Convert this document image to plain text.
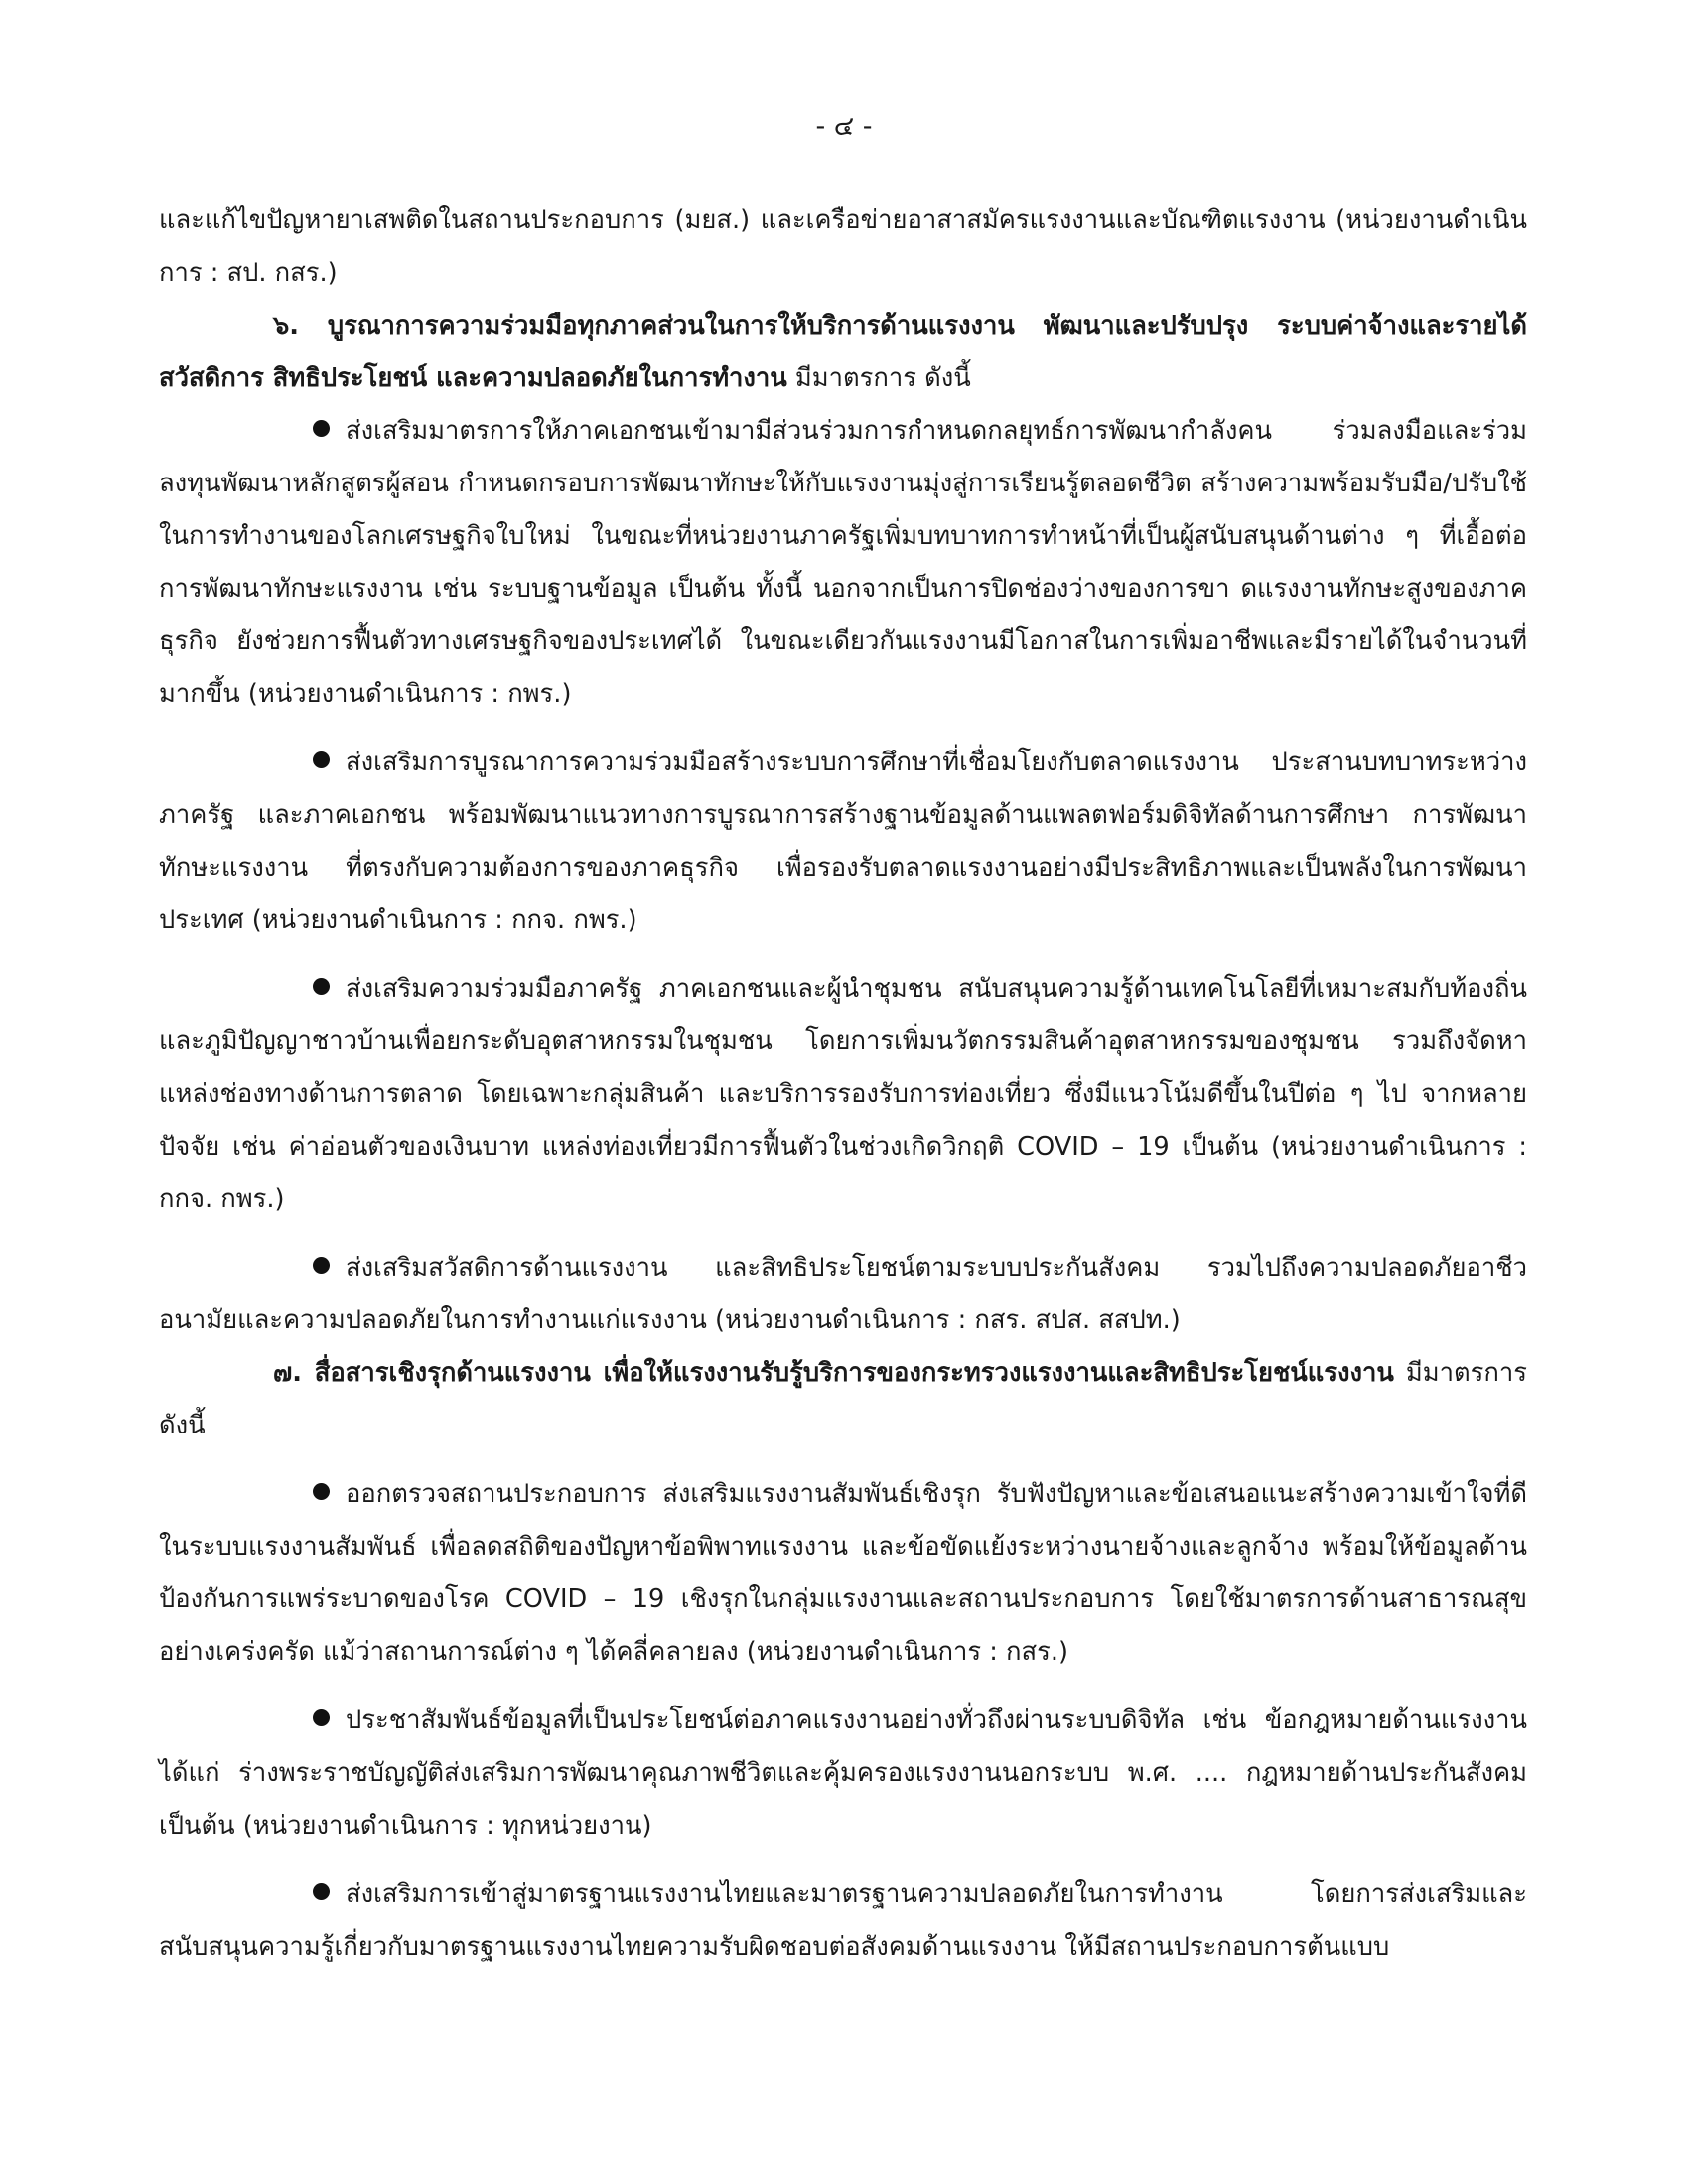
- ๔ -

และแก้ไขปัญหายาเสพติดในสถานประกอบการ (มยส.) และเครือข่ายอาสาสมัครแรงงานและบัณฑิตแรงงาน (หน่วยงานดำเนินการ : สป. กสร.)

๖. บูรณาการความร่วมมือทุกภาคส่วนในการให้บริการด้านแรงงาน พัฒนาและปรับปรุง ระบบค่าจ้างและรายได้ สวัสดิการ สิทธิประโยชน์ และความปลอดภัยในการทำงาน มีมาตรการ ดังนี้

ส่งเสริมมาตรการให้ภาคเอกชนเข้ามามีส่วนร่วมการกำหนดกลยุทธ์การพัฒนากำลังคน ร่วมลงมือและร่วมลงทุนพัฒนาหลักสูตรผู้สอน กำหนดกรอบการพัฒนาทักษะให้กับแรงงานมุ่งสู่การเรียนรู้ตลอดชีวิต สร้างความพร้อมรับมือ/ปรับใช้ในการทำงานของโลกเศรษฐกิจใบใหม่ ในขณะที่หน่วยงานภาครัฐเพิ่มบทบาทการทำหน้าที่เป็นผู้สนับสนุนด้านต่าง ๆ ที่เอื้อต่อการพัฒนาทักษะแรงงาน เช่น ระบบฐานข้อมูล เป็นต้น ทั้งนี้ นอกจากเป็นการปิดช่องว่างของการขา ดแรงงานทักษะสูงของภาคธุรกิจ ยังช่วยการฟื้นตัวทางเศรษฐกิจของประเทศได้ ในขณะเดียวกันแรงงานมีโอกาสในการเพิ่มอาชีพและมีรายได้ในจำนวนที่มากขึ้น (หน่วยงานดำเนินการ : กพร.)

ส่งเสริมการบูรณาการความร่วมมือสร้างระบบการศึกษาที่เชื่อมโยงกับตลาดแรงงาน ประสานบทบาทระหว่างภาครัฐ และภาคเอกชน พร้อมพัฒนาแนวทางการบูรณาการสร้างฐานข้อมูลด้านแพลตฟอร์มดิจิทัลด้านการศึกษา การพัฒนาทักษะแรงงาน ที่ตรงกับความต้องการของภาคธุรกิจ เพื่อรองรับตลาดแรงงานอย่างมีประสิทธิภาพและเป็นพลังในการพัฒนาประเทศ (หน่วยงานดำเนินการ : กกจ. กพร.)

ส่งเสริมความร่วมมือภาครัฐ ภาคเอกชนและผู้นำชุมชน สนับสนุนความรู้ด้านเทคโนโลยีที่เหมาะสมกับท้องถิ่นและภูมิปัญญาชาวบ้านเพื่อยกระดับอุตสาหกรรมในชุมชน โดยการเพิ่มนวัตกรรมสินค้าอุตสาหกรรมของชุมชน รวมถึงจัดหาแหล่งช่องทางด้านการตลาด โดยเฉพาะกลุ่มสินค้า และบริการรองรับการท่องเที่ยว ซึ่งมีแนวโน้มดีขึ้นในปีต่อ ๆ ไป จากหลายปัจจัย เช่น ค่าอ่อนตัวของเงินบาท แหล่งท่องเที่ยวมีการฟื้นตัวในช่วงเกิดวิกฤติ COVID – 19 เป็นต้น (หน่วยงานดำเนินการ : กกจ. กพร.)

ส่งเสริมสวัสดิการด้านแรงงาน และสิทธิประโยชน์ตามระบบประกันสังคม รวมไปถึงความปลอดภัยอาชีวอนามัยและความปลอดภัยในการทำงานแก่แรงงาน (หน่วยงานดำเนินการ : กสร. สปส. สสปท.)

๗. สื่อสารเชิงรุกด้านแรงงาน เพื่อให้แรงงานรับรู้บริการของกระทรวงแรงงานและสิทธิประโยชน์แรงงาน มีมาตรการ ดังนี้

ออกตรวจสถานประกอบการ ส่งเสริมแรงงานสัมพันธ์เชิงรุก รับฟังปัญหาและข้อเสนอแนะสร้างความเข้าใจที่ดีในระบบแรงงานสัมพันธ์ เพื่อลดสถิติของปัญหาข้อพิพาทแรงงาน และข้อขัดแย้งระหว่างนายจ้างและลูกจ้าง พร้อมให้ข้อมูลด้านป้องกันการแพร่ระบาดของโรค COVID – 19 เชิงรุกในกลุ่มแรงงานและสถานประกอบการ โดยใช้มาตรการด้านสาธารณสุขอย่างเคร่งครัด แม้ว่าสถานการณ์ต่าง ๆ ได้คลี่คลายลง (หน่วยงานดำเนินการ : กสร.)

ประชาสัมพันธ์ข้อมูลที่เป็นประโยชน์ต่อภาคแรงงานอย่างทั่วถึงผ่านระบบดิจิทัล เช่น ข้อกฎหมายด้านแรงงาน ได้แก่ ร่างพระราชบัญญัติส่งเสริมการพัฒนาคุณภาพชีวิตและคุ้มครองแรงงานนอกระบบ พ.ศ. .... กฎหมายด้านประกันสังคม เป็นต้น (หน่วยงานดำเนินการ : ทุกหน่วยงาน)

ส่งเสริมการเข้าสู่มาตรฐานแรงงานไทยและมาตรฐานความปลอดภัยในการทำงาน โดยการส่งเสริมและสนับสนุนความรู้เกี่ยวกับมาตรฐานแรงงานไทยความรับผิดชอบต่อสังคมด้านแรงงาน ให้มีสถานประกอบการต้นแบบ
